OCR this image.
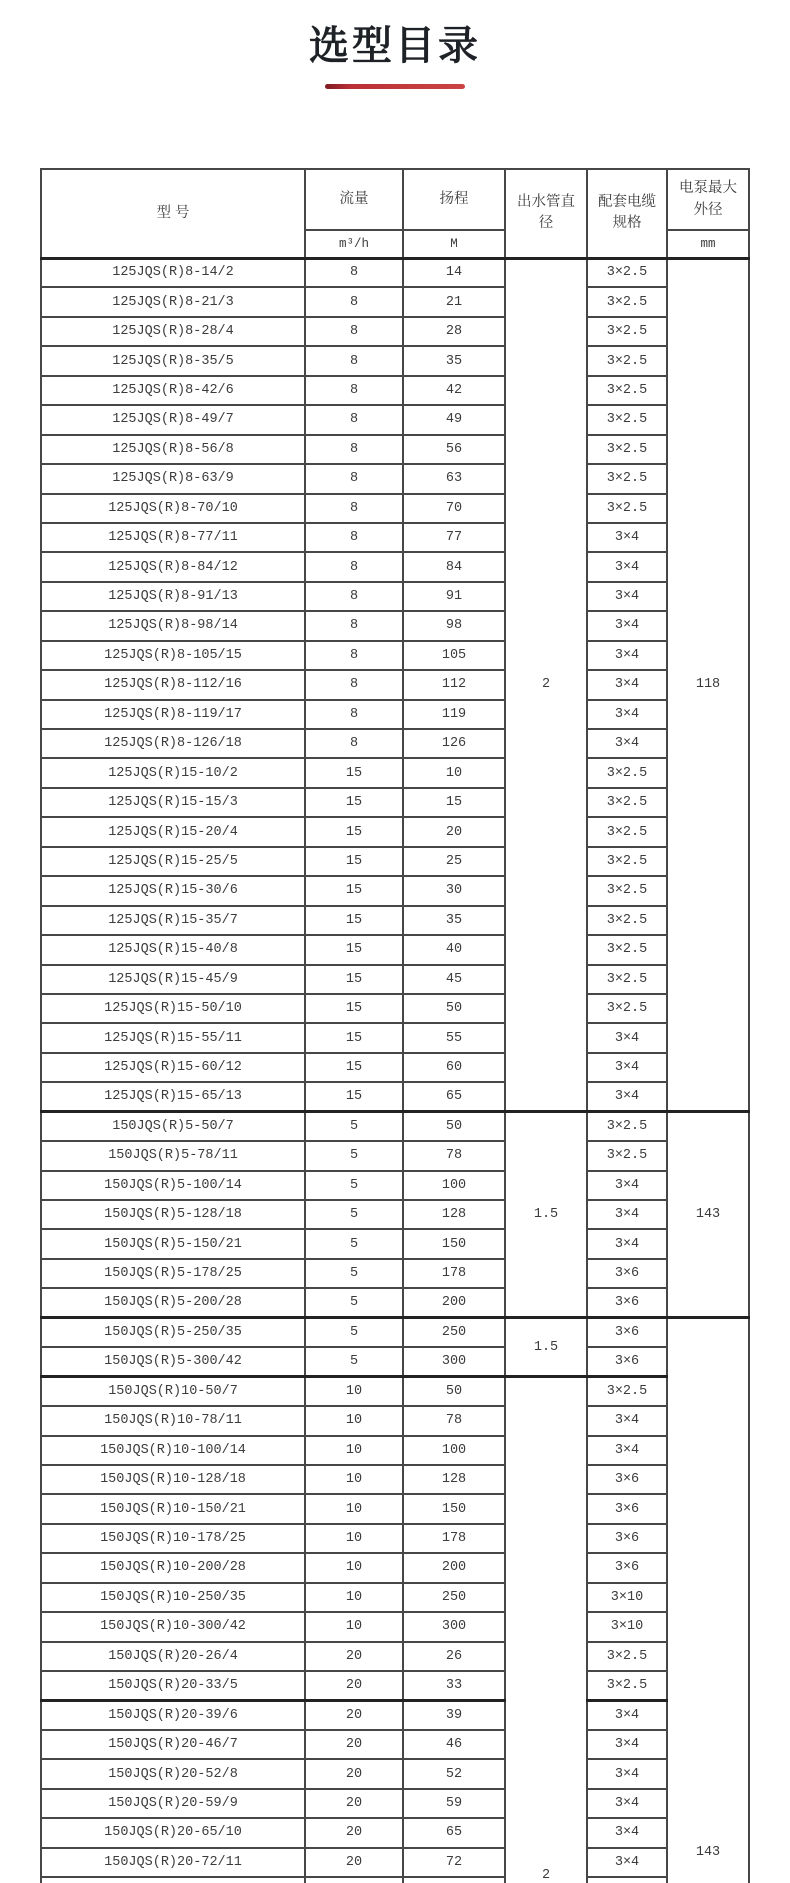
选型目录
型 号	流量	扬程	出水管直径	配套电缆规格	电泵最大外径
	m³/h	M			mm
125JQS(R)8-14/2	8	14	2	3×2.5	118
125JQS(R)8-21/3	8	21		3×2.5	
125JQS(R)8-28/4	8	28		3×2.5	
125JQS(R)8-35/5	8	35		3×2.5	
125JQS(R)8-42/6	8	42		3×2.5	
125JQS(R)8-49/7	8	49		3×2.5	
125JQS(R)8-56/8	8	56		3×2.5	
125JQS(R)8-63/9	8	63		3×2.5	
125JQS(R)8-70/10	8	70		3×2.5	
125JQS(R)8-77/11	8	77		3×4	
125JQS(R)8-84/12	8	84		3×4	
125JQS(R)8-91/13	8	91		3×4	
125JQS(R)8-98/14	8	98		3×4	
125JQS(R)8-105/15	8	105		3×4	
125JQS(R)8-112/16	8	112		3×4	
125JQS(R)8-119/17	8	119		3×4	
125JQS(R)8-126/18	8	126		3×4	
125JQS(R)15-10/2	15	10		3×2.5	
125JQS(R)15-15/3	15	15		3×2.5	
125JQS(R)15-20/4	15	20		3×2.5	
125JQS(R)15-25/5	15	25		3×2.5	
125JQS(R)15-30/6	15	30		3×2.5	
125JQS(R)15-35/7	15	35		3×2.5	
125JQS(R)15-40/8	15	40		3×2.5	
125JQS(R)15-45/9	15	45		3×2.5	
125JQS(R)15-50/10	15	50		3×2.5	
125JQS(R)15-55/11	15	55		3×4	
125JQS(R)15-60/12	15	60		3×4	
125JQS(R)15-65/13	15	65		3×4	
150JQS(R)5-50/7	5	50	1.5	3×2.5	143
150JQS(R)5-78/11	5	78		3×2.5	
150JQS(R)5-100/14	5	100		3×4	
150JQS(R)5-128/18	5	128		3×4	
150JQS(R)5-150/21	5	150		3×4	
150JQS(R)5-178/25	5	178		3×6	
150JQS(R)5-200/28	5	200		3×6	
150JQS(R)5-250/35	5	250	1.5	3×6	143
150JQS(R)5-300/42	5	300		3×6	
150JQS(R)10-50/7	10	50	2	3×2.5	
150JQS(R)10-78/11	10	78		3×4	
150JQS(R)10-100/14	10	100		3×4	
150JQS(R)10-128/18	10	128		3×6	
150JQS(R)10-150/21	10	150		3×6	
150JQS(R)10-178/25	10	178		3×6	
150JQS(R)10-200/28	10	200		3×6	
150JQS(R)10-250/35	10	250		3×10	
150JQS(R)10-300/42	10	300		3×10	
150JQS(R)20-26/4	20	26		3×2.5	
150JQS(R)20-33/5	20	33		3×2.5	
150JQS(R)20-39/6	20	39		3×4	
150JQS(R)20-46/7	20	46		3×4	
150JQS(R)20-52/8	20	52		3×4	
150JQS(R)20-59/9	20	59		3×4	
150JQS(R)20-65/10	20	65		3×4	
150JQS(R)20-72/11	20	72		3×4	
